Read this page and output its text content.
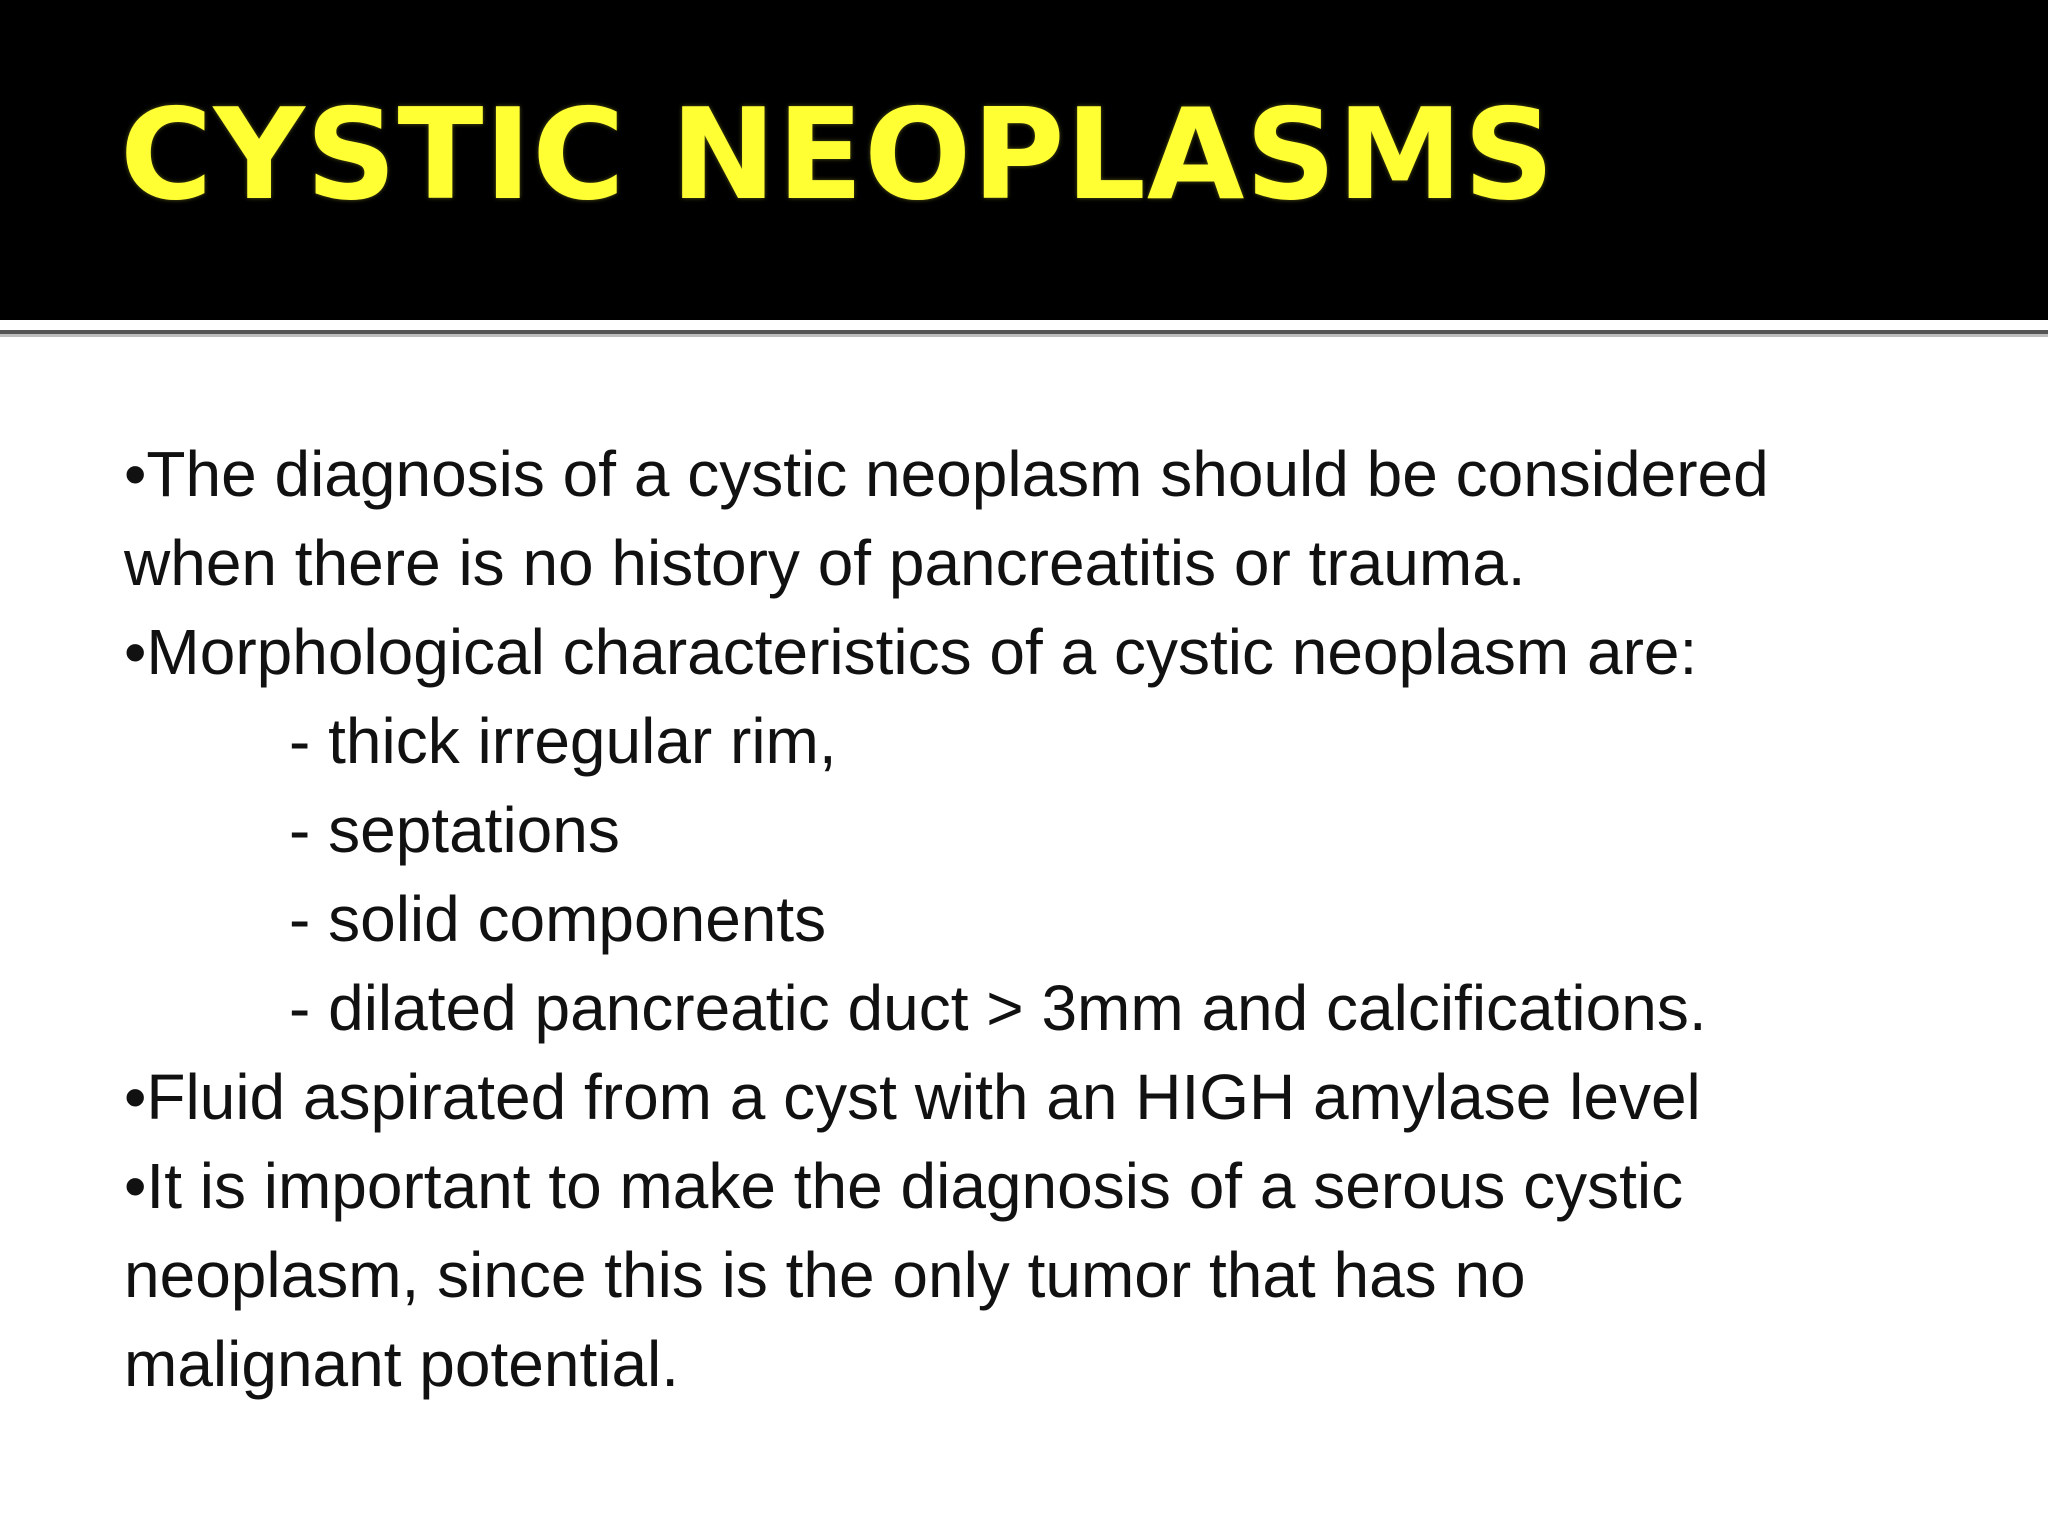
CYSTIC NEOPLASMS
•The diagnosis of a cystic neoplasm should be considered
when there is no history of pancreatitis or trauma.
•Morphological characteristics of a cystic neoplasm are:
- thick irregular rim,
- septations
- solid components
- dilated pancreatic duct > 3mm and calcifications.
•Fluid aspirated from a cyst with an HIGH amylase level
•It is important to make the diagnosis of a serous cystic
neoplasm, since this is the only tumor that has no
malignant potential.
